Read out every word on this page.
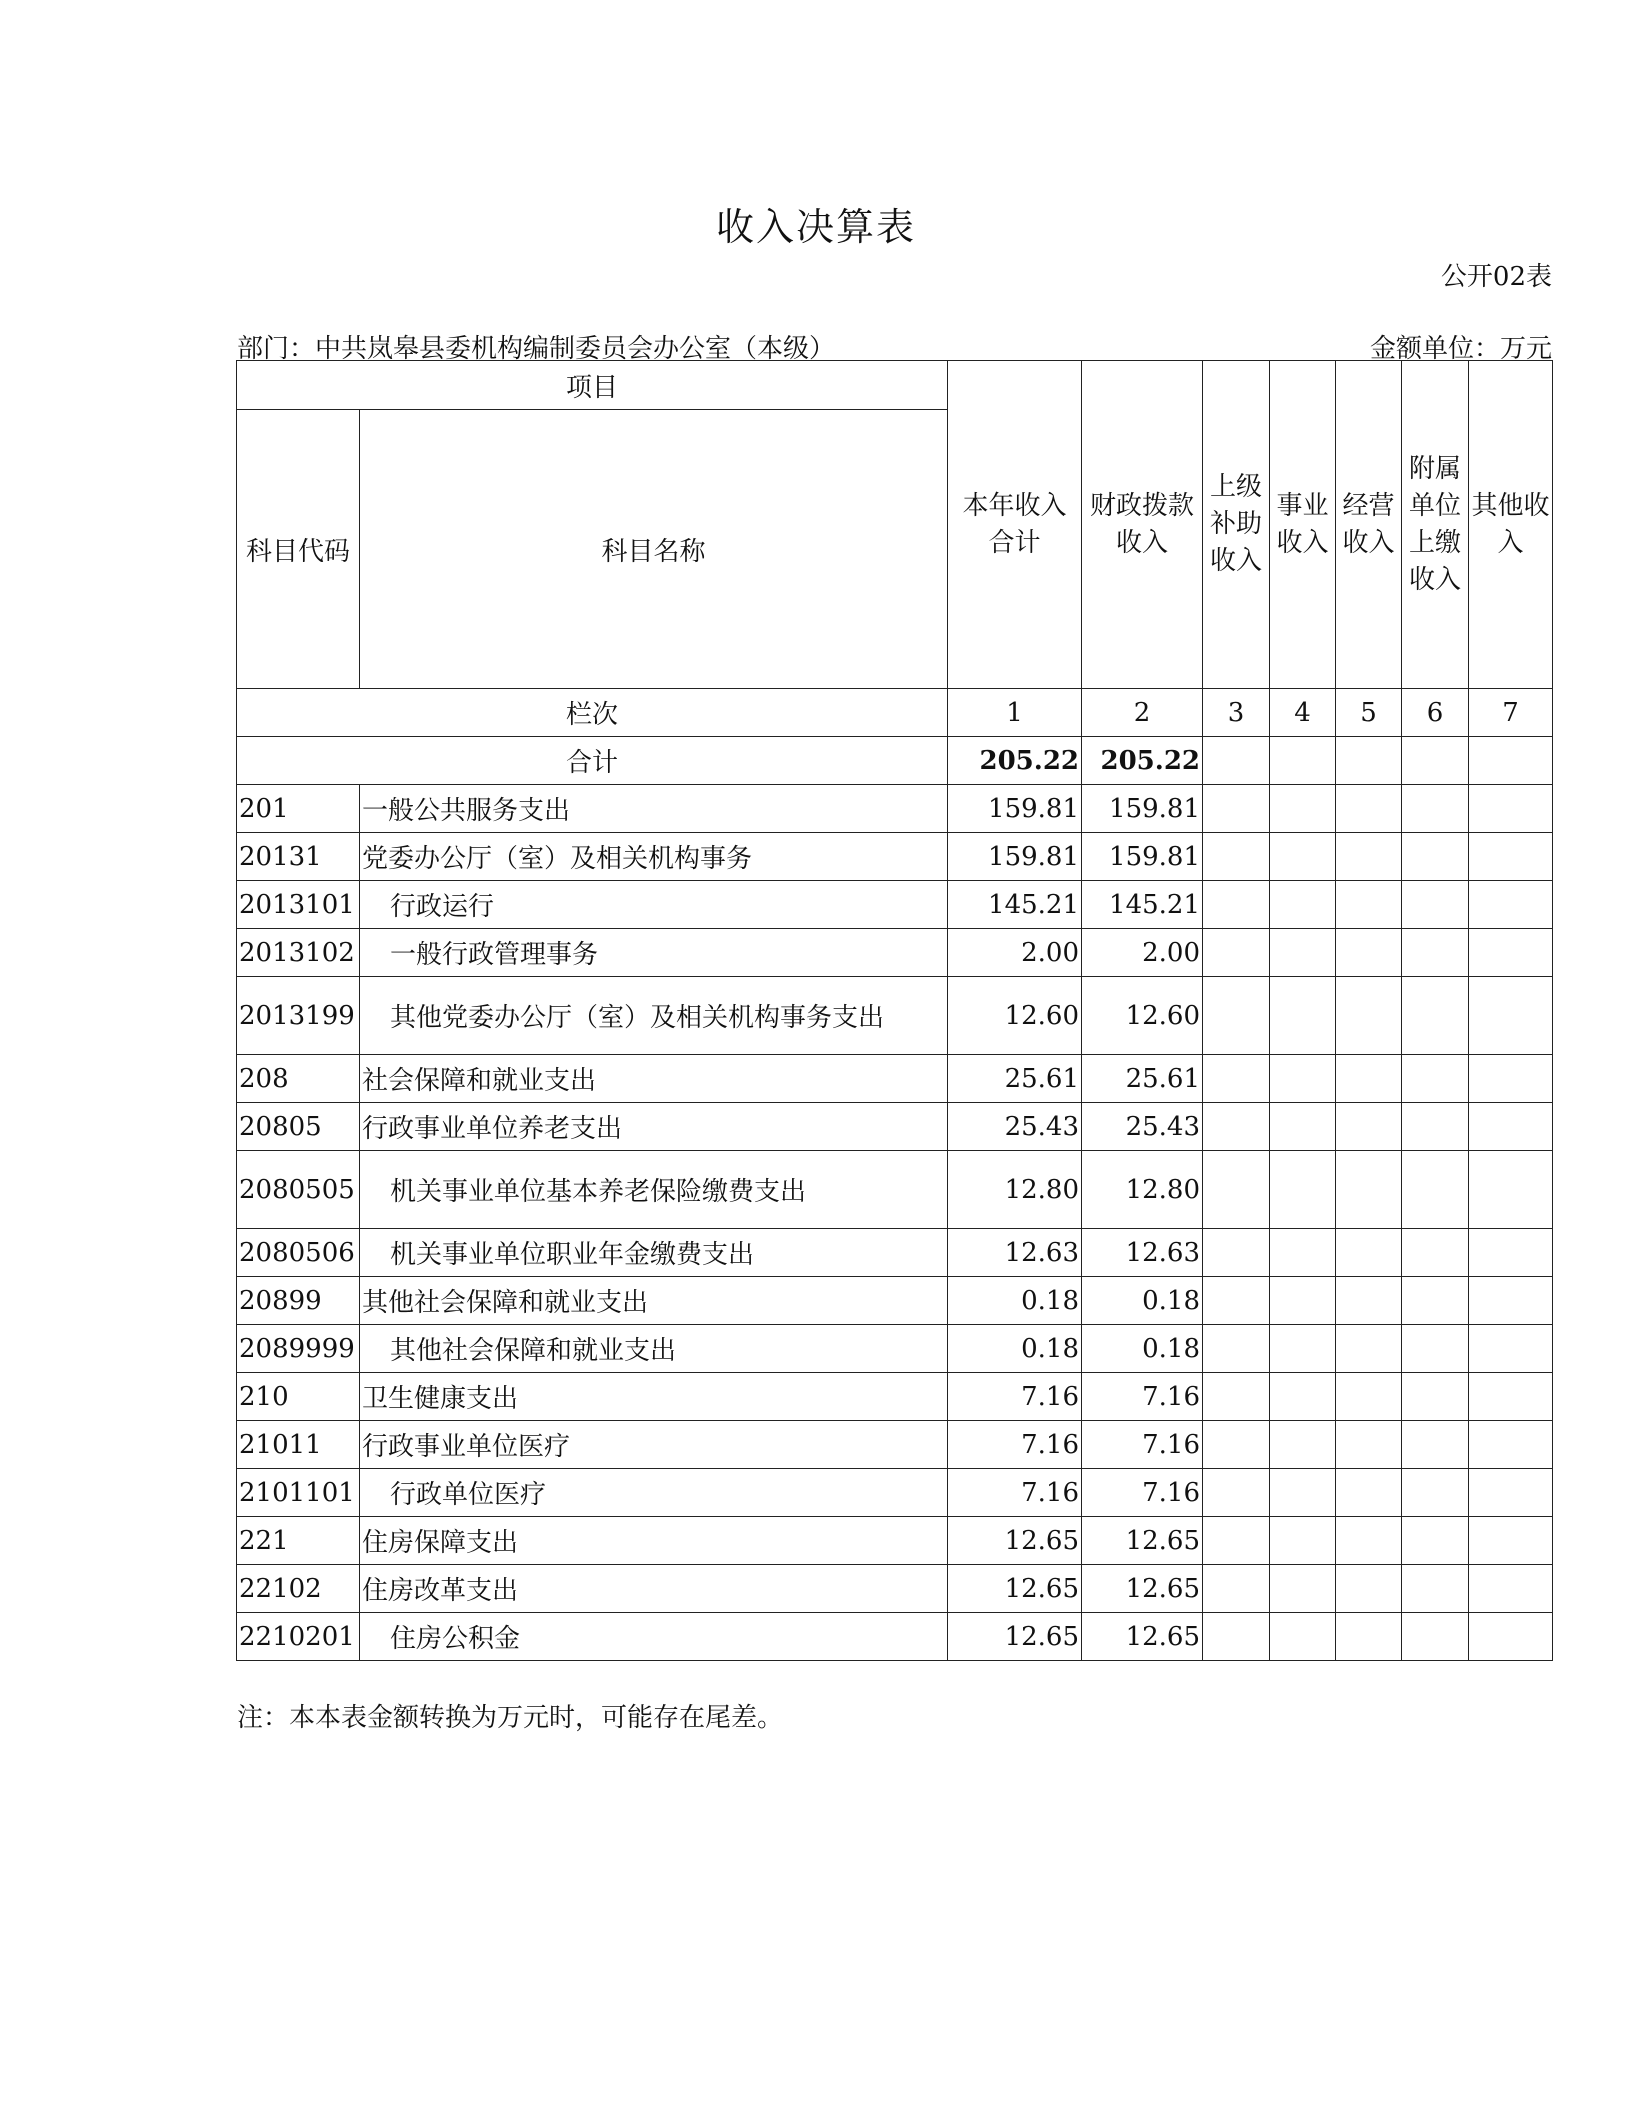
收入决算表
公开02表
部门：中共岚皋县委机构编制委员会办公室（本级）	金额单位：万元
项目		本年收入合计	财政拨款收入	上级补助收入	事业收入	经营收入	附属单位上缴收入	其他收入
科目代码	科目名称							
栏次		1	2	3	4	5	6	7
合计		205.22	205.22					
201	一般公共服务支出	159.81	159.81					
20131	党委办公厅（室）及相关机构事务	159.81	159.81					
2013101	行政运行	145.21	145.21					
2013102	一般行政管理事务	2.00	2.00					
2013199	其他党委办公厅（室）及相关机构事务支出	12.60	12.60					
208	社会保障和就业支出	25.61	25.61					
20805	行政事业单位养老支出	25.43	25.43					
2080505	机关事业单位基本养老保险缴费支出	12.80	12.80					
2080506	机关事业单位职业年金缴费支出	12.63	12.63					
20899	其他社会保障和就业支出	0.18	0.18					
2089999	其他社会保障和就业支出	0.18	0.18					
210	卫生健康支出	7.16	7.16					
21011	行政事业单位医疗	7.16	7.16					
2101101	行政单位医疗	7.16	7.16					
221	住房保障支出	12.65	12.65					
22102	住房改革支出	12.65	12.65					
2210201	住房公积金	12.65	12.65					
注：本本表金额转换为万元时，可能存在尾差。
